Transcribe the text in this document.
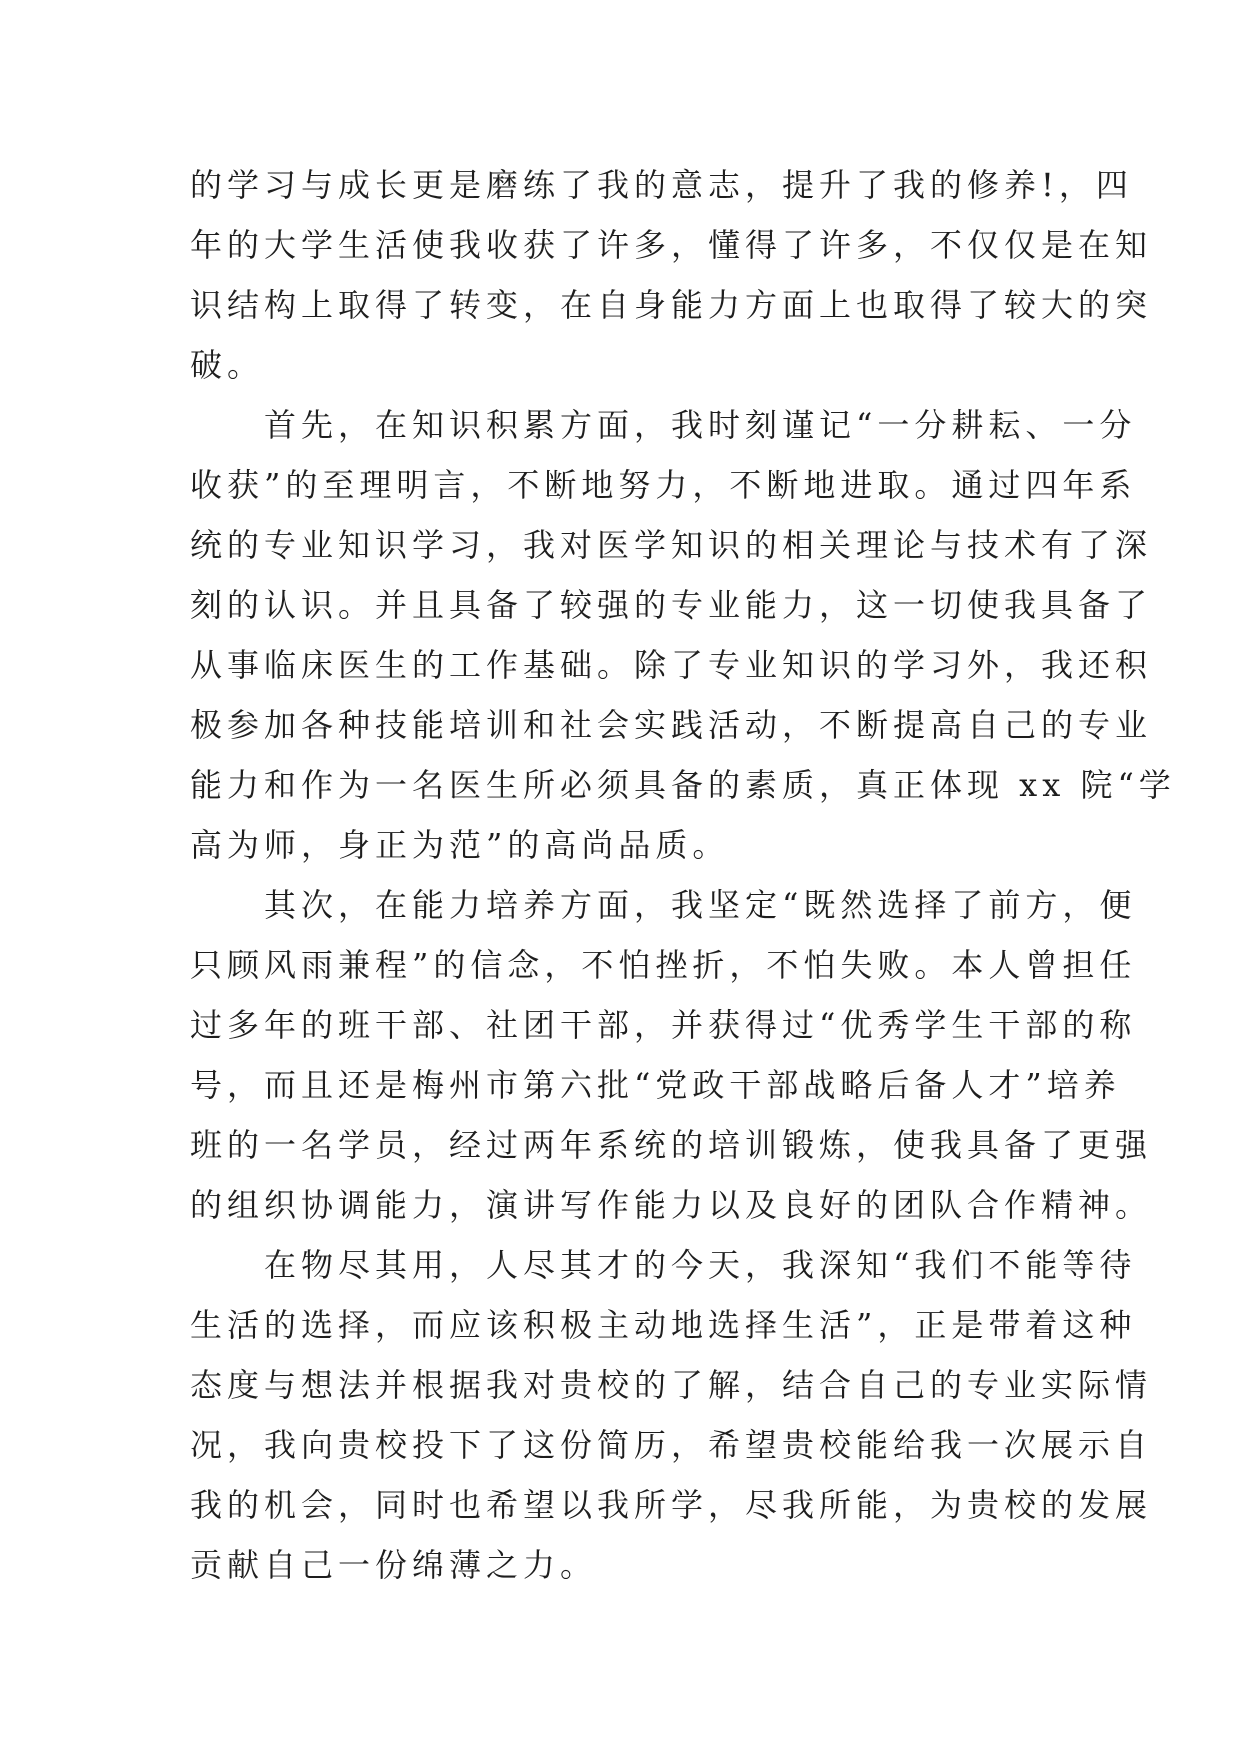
的学习与成长更是磨练了我的意志，提升了我的修养!，四
年的大学生活使我收获了许多，懂得了许多，不仅仅是在知
识结构上取得了转变，在自身能力方面上也取得了较大的突
破。
首先，在知识积累方面，我时刻谨记“一分耕耘、一分
收获”的至理明言，不断地努力，不断地进取。通过四年系
统的专业知识学习，我对医学知识的相关理论与技术有了深
刻的认识。并且具备了较强的专业能力，这一切使我具备了
从事临床医生的工作基础。除了专业知识的学习外，我还积
极参加各种技能培训和社会实践活动，不断提高自己的专业
能力和作为一名医生所必须具备的素质，真正体现 xx 院“学
高为师，身正为范”的高尚品质。
其次，在能力培养方面，我坚定“既然选择了前方，便
只顾风雨兼程”的信念，不怕挫折，不怕失败。本人曾担任
过多年的班干部、社团干部，并获得过“优秀学生干部的称
号，而且还是梅州市第六批“党政干部战略后备人才”培养
班的一名学员，经过两年系统的培训锻炼，使我具备了更强
的组织协调能力，演讲写作能力以及良好的团队合作精神。
在物尽其用，人尽其才的今天，我深知“我们不能等待
生活的选择，而应该积极主动地选择生活”，正是带着这种
态度与想法并根据我对贵校的了解，结合自己的专业实际情
况，我向贵校投下了这份简历，希望贵校能给我一次展示自
我的机会，同时也希望以我所学，尽我所能，为贵校的发展
贡献自己一份绵薄之力。
